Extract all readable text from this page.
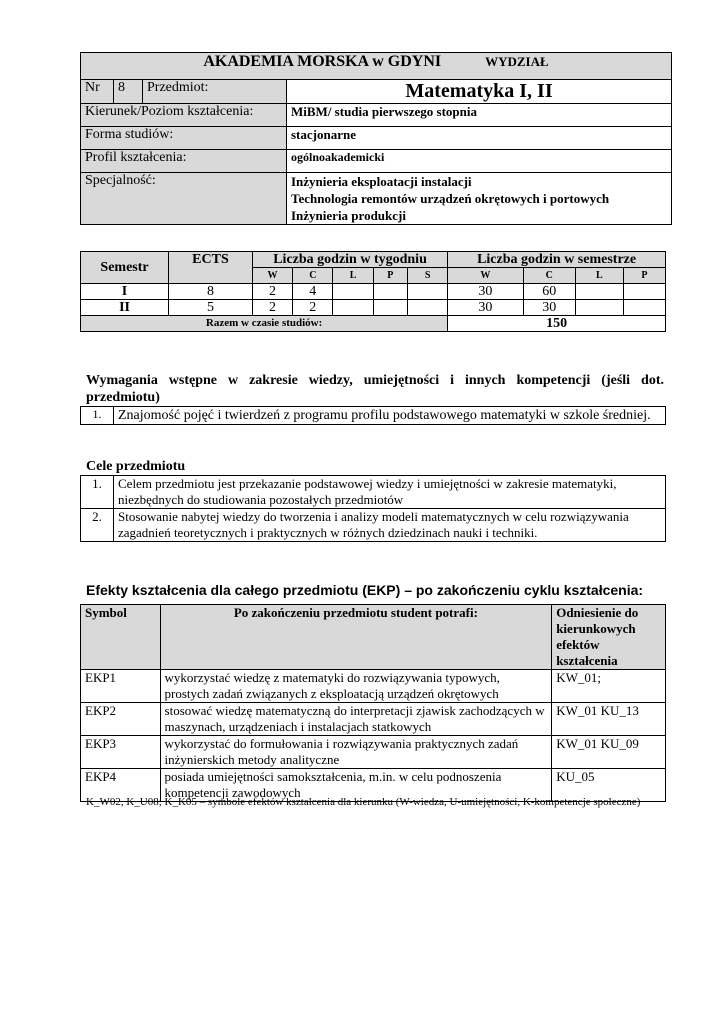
AKADEMIA MORSKA w GDYNI WYDZIAŁ			
Nr	8	Przedmiot:	Matematyka I, II
Kierunek/Poziom kształcenia:			MiBM/ studia pierwszego stopnia
Forma studiów:			stacjonarne
Profil kształcenia:			ogólnoakademicki
Specjalność:			Inżynieria eksploatacji instalacji
Technologia remontów urządzeń okrętowych i portowych
Inżynieria produkcji
Semestr	ECTS	Liczba godzin w tygodniu					Liczba godzin w semestrze			
		W	C	L	P	S	W	C	L	P
I	8	2	4				30	60		
II	5	2	2				30	30		
Razem w czasie studiów:							150			
Wymagania wstępne w zakresie wiedzy, umiejętności i innych kompetencji (jeśli dot. przedmiotu)
1.	Znajomość pojęć i twierdzeń z programu profilu podstawowego matematyki w szkole średniej.
Cele przedmiotu
1.	Celem przedmiotu jest przekazanie podstawowej wiedzy i umiejętności w zakresie matematyki, niezbędnych do studiowania pozostałych przedmiotów
2.	Stosowanie nabytej wiedzy do tworzenia i analizy modeli matematycznych w celu rozwiązywania zagadnień teoretycznych i praktycznych w różnych dziedzinach nauki i techniki.
Efekty kształcenia dla całego przedmiotu (EKP) – po zakończeniu cyklu kształcenia:
Symbol	Po zakończeniu przedmiotu student potrafi:	Odniesienie do kierunkowych efektów kształcenia
EKP1	wykorzystać wiedzę z matematyki do rozwiązywania typowych, prostych zadań związanych z eksploatacją urządzeń okrętowych	KW_01;
EKP2	stosować wiedzę matematyczną do interpretacji zjawisk zachodzących w maszynach, urządzeniach i instalacjach statkowych	KW_01 KU_13
EKP3	wykorzystać do formułowania i rozwiązywania praktycznych zadań inżynierskich metody analityczne	KW_01 KU_09
EKP4	posiada umiejętności samokształcenia, m.in. w celu podnoszenia kompetencji zawodowych	KU_05
K_W02, K_U08; K_K05 – symbole efektów kształcenia dla kierunku (W-wiedza, U-umiejętności, K-kompetencje społeczne)
